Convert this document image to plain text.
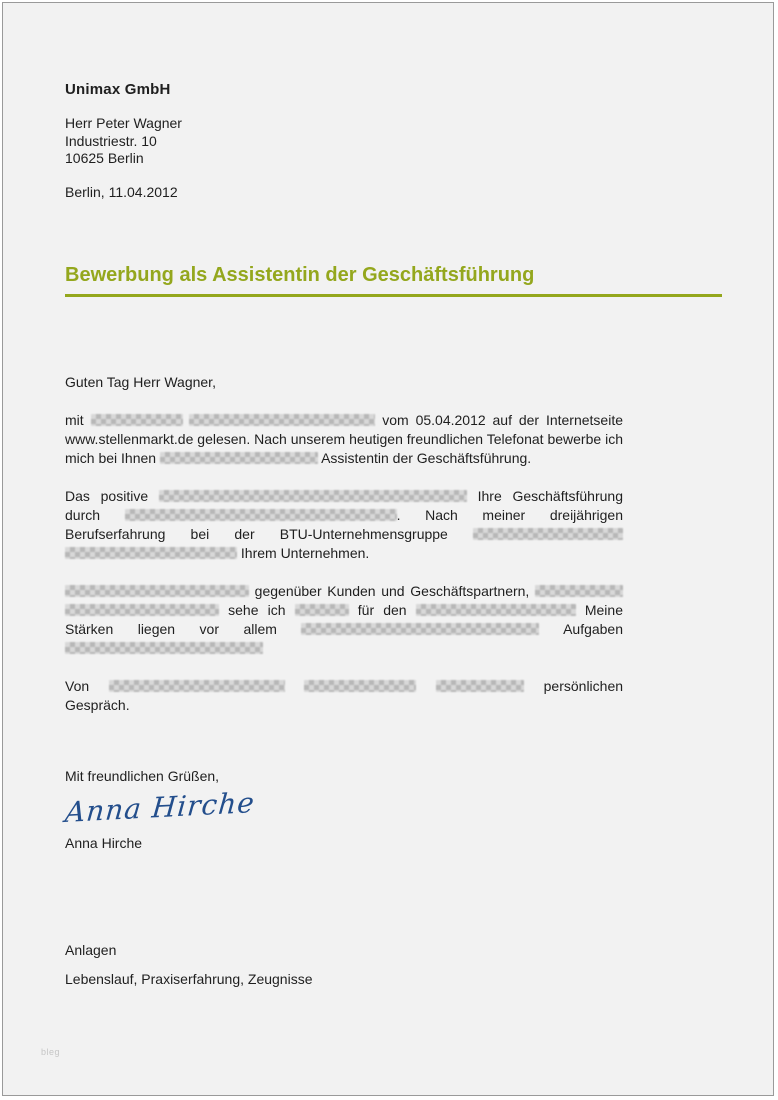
Unimax GmbH
Herr Peter Wagner
Industriestr. 10
10625 Berlin
Berlin, 11.04.2012
Bewerbung als Assistentin der Geschäftsführung
Guten Tag Herr Wagner,

mit	vom 05.04.2012 auf der Internetseite www.stellenmarkt.de gelesen. Nach unserem heutigen freundlichen Telefonat bewerbe ich mich bei Ihnen	Assistentin der Geschäftsführung.

Das positive	Ihre Geschäftsführung durch	. Nach meiner dreijährigen Berufserfahrung bei der BTU-Unternehmensgruppe   Ihrem Unternehmen.

gegenüber Kunden und Geschäftspartnern,   sehe ich	für den	Meine Stärken liegen vor allem	Aufgaben

Von	persönlichen Gespräch.

Mit freundlichen Grüßen,
Anna Hirche
Anna Hirche
Anlagen
Lebenslauf, Praxiserfahrung, Zeugnisse
bleg
